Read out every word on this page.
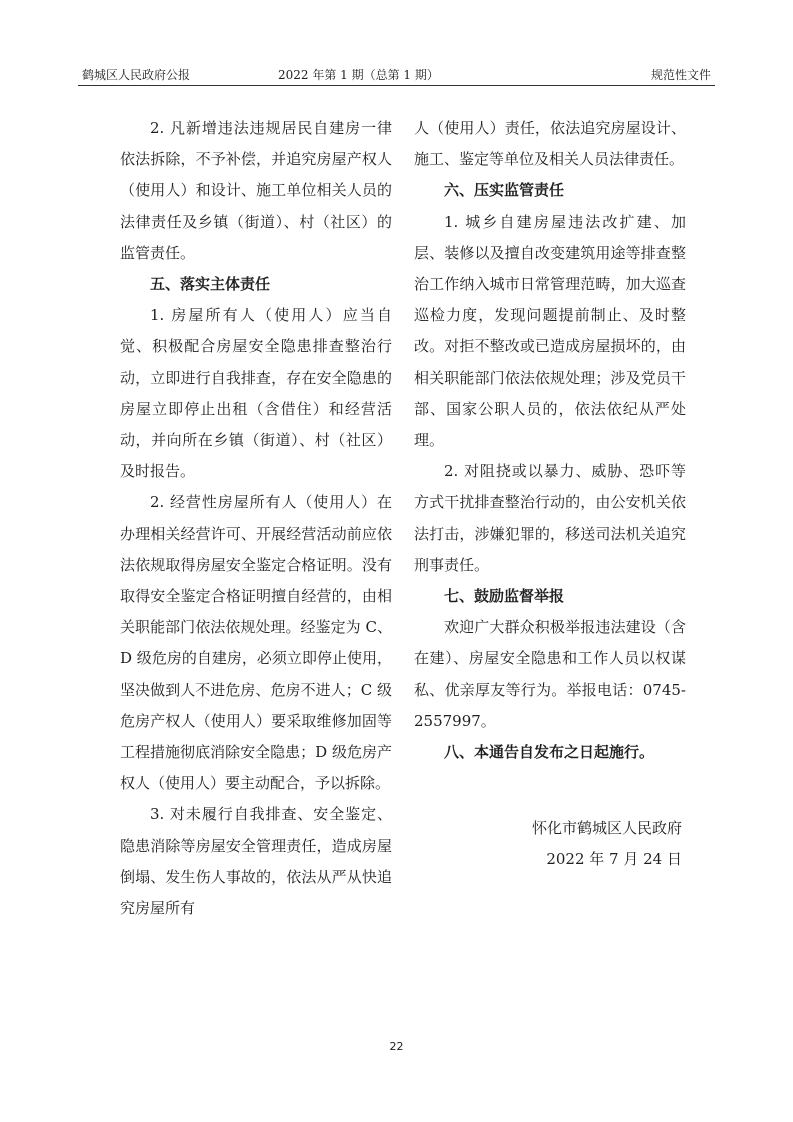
鹤城区人民政府公报	2022 年第 1 期（总第 1 期）	规范性文件

2. 凡新增违法违规居民自建房一律依法拆除，不予补偿，并追究房屋产权人（使用人）和设计、施工单位相关人员的法律责任及乡镇（街道）、村（社区）的监管责任。

五、落实主体责任

1. 房屋所有人（使用人）应当自觉、积极配合房屋安全隐患排查整治行动，立即进行自我排查，存在安全隐患的房屋立即停止出租（含借住）和经营活动，并向所在乡镇（街道）、村（社区）及时报告。

2. 经营性房屋所有人（使用人）在办理相关经营许可、开展经营活动前应依法依规取得房屋安全鉴定合格证明。没有取得安全鉴定合格证明擅自经营的，由相关职能部门依法依规处理。经鉴定为 C、D 级危房的自建房，必须立即停止使用，坚决做到人不进危房、危房不进人；C 级危房产权人（使用人）要采取维修加固等工程措施彻底消除安全隐患；D 级危房产权人（使用人）要主动配合，予以拆除。

3. 对未履行自我排查、安全鉴定、隐患消除等房屋安全管理责任，造成房屋倒塌、发生伤人事故的，依法从严从快追究房屋所有

人（使用人）责任，依法追究房屋设计、施工、鉴定等单位及相关人员法律责任。

六、压实监管责任

1. 城乡自建房屋违法改扩建、加层、装修以及擅自改变建筑用途等排查整治工作纳入城市日常管理范畴，加大巡查巡检力度，发现问题提前制止、及时整改。对拒不整改或已造成房屋损坏的，由相关职能部门依法依规处理；涉及党员干部、国家公职人员的，依法依纪从严处理。

2. 对阻挠或以暴力、威胁、恐吓等方式干扰排查整治行动的，由公安机关依法打击，涉嫌犯罪的，移送司法机关追究刑事责任。

七、鼓励监督举报

欢迎广大群众积极举报违法建设（含在建）、房屋安全隐患和工作人员以权谋私、优亲厚友等行为。举报电话：0745-2557997。

八、本通告自发布之日起施行。

怀化市鹤城区人民政府
2022 年 7 月 24 日

22
